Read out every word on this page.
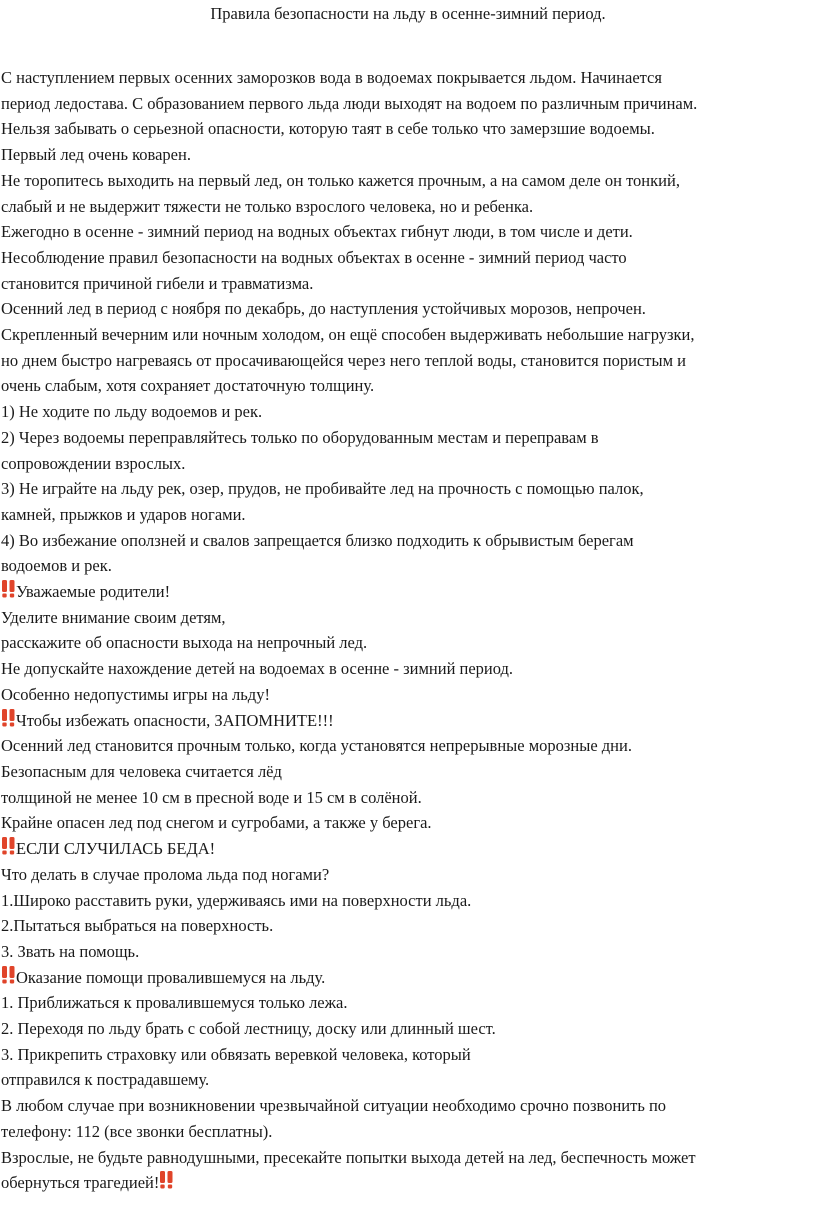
Правила безопасности на льду в осенне-зимний период.
С наступлением первых осенних заморозков вода в водоемах покрывается льдом. Начинается
период ледостава. С образованием первого льда люди выходят на водоем по различным причинам.
Нельзя забывать о серьезной опасности, которую таят в себе только что замерзшие водоемы.
Первый лед очень коварен.
Не торопитесь выходить на первый лед, он только кажется прочным, а на самом деле он тонкий,
слабый и не выдержит тяжести не только взрослого человека, но и ребенка.
Ежегодно в осенне - зимний период на водных объектах гибнут люди, в том числе и дети.
Несоблюдение правил безопасности на водных объектах в осенне - зимний период часто
становится причиной гибели и травматизма.
Осенний лед в период с ноября по декабрь, до наступления устойчивых морозов, непрочен.
Скрепленный вечерним или ночным холодом, он ещё способен выдерживать небольшие нагрузки,
но днем быстро нагреваясь от просачивающейся через него теплой воды, становится пористым и
очень слабым, хотя сохраняет достаточную толщину.
1) Не ходите по льду водоемов и рек.
2) Через водоемы переправляйтесь только по оборудованным местам и переправам в
сопровождении взрослых.
3) Не играйте на льду рек, озер, прудов, не пробивайте лед на прочность с помощью палок,
камней, прыжков и ударов ногами.
4) Во избежание оползней и свалов запрещается близко подходить к обрывистым берегам
водоемов и рек.
Уважаемые родители!
Уделите внимание своим детям,
расскажите об опасности выхода на непрочный лед.
Не допускайте нахождение детей на водоемах в осенне - зимний период.
Особенно недопустимы игры на льду!
Чтобы избежать опасности, ЗАПОМНИТЕ!!!
Осенний лед становится прочным только, когда установятся непрерывные морозные дни.
Безопасным для человека считается лёд
толщиной не менее 10 см в пресной воде и 15 см в солёной.
Крайне опасен лед под снегом и сугробами, а также у берега.
ЕСЛИ СЛУЧИЛАСЬ БЕДА!
Что делать в случае пролома льда под ногами?
1.Широко расставить руки, удерживаясь ими на поверхности льда.
2.Пытаться выбраться на поверхность.
3. Звать на помощь.
Оказание помощи провалившемуся на льду.
1. Приближаться к провалившемуся только лежа.
2. Переходя по льду брать с собой лестницу, доску или длинный шест.
3. Прикрепить страховку или обвязать веревкой человека, который
отправился к пострадавшему.
В любом случае при возникновении чрезвычайной ситуации необходимо срочно позвонить по
телефону: 112 (все звонки бесплатны).
Взрослые, не будьте равнодушными, пресекайте попытки выхода детей на лед, беспечность может
обернуться трагедией!
